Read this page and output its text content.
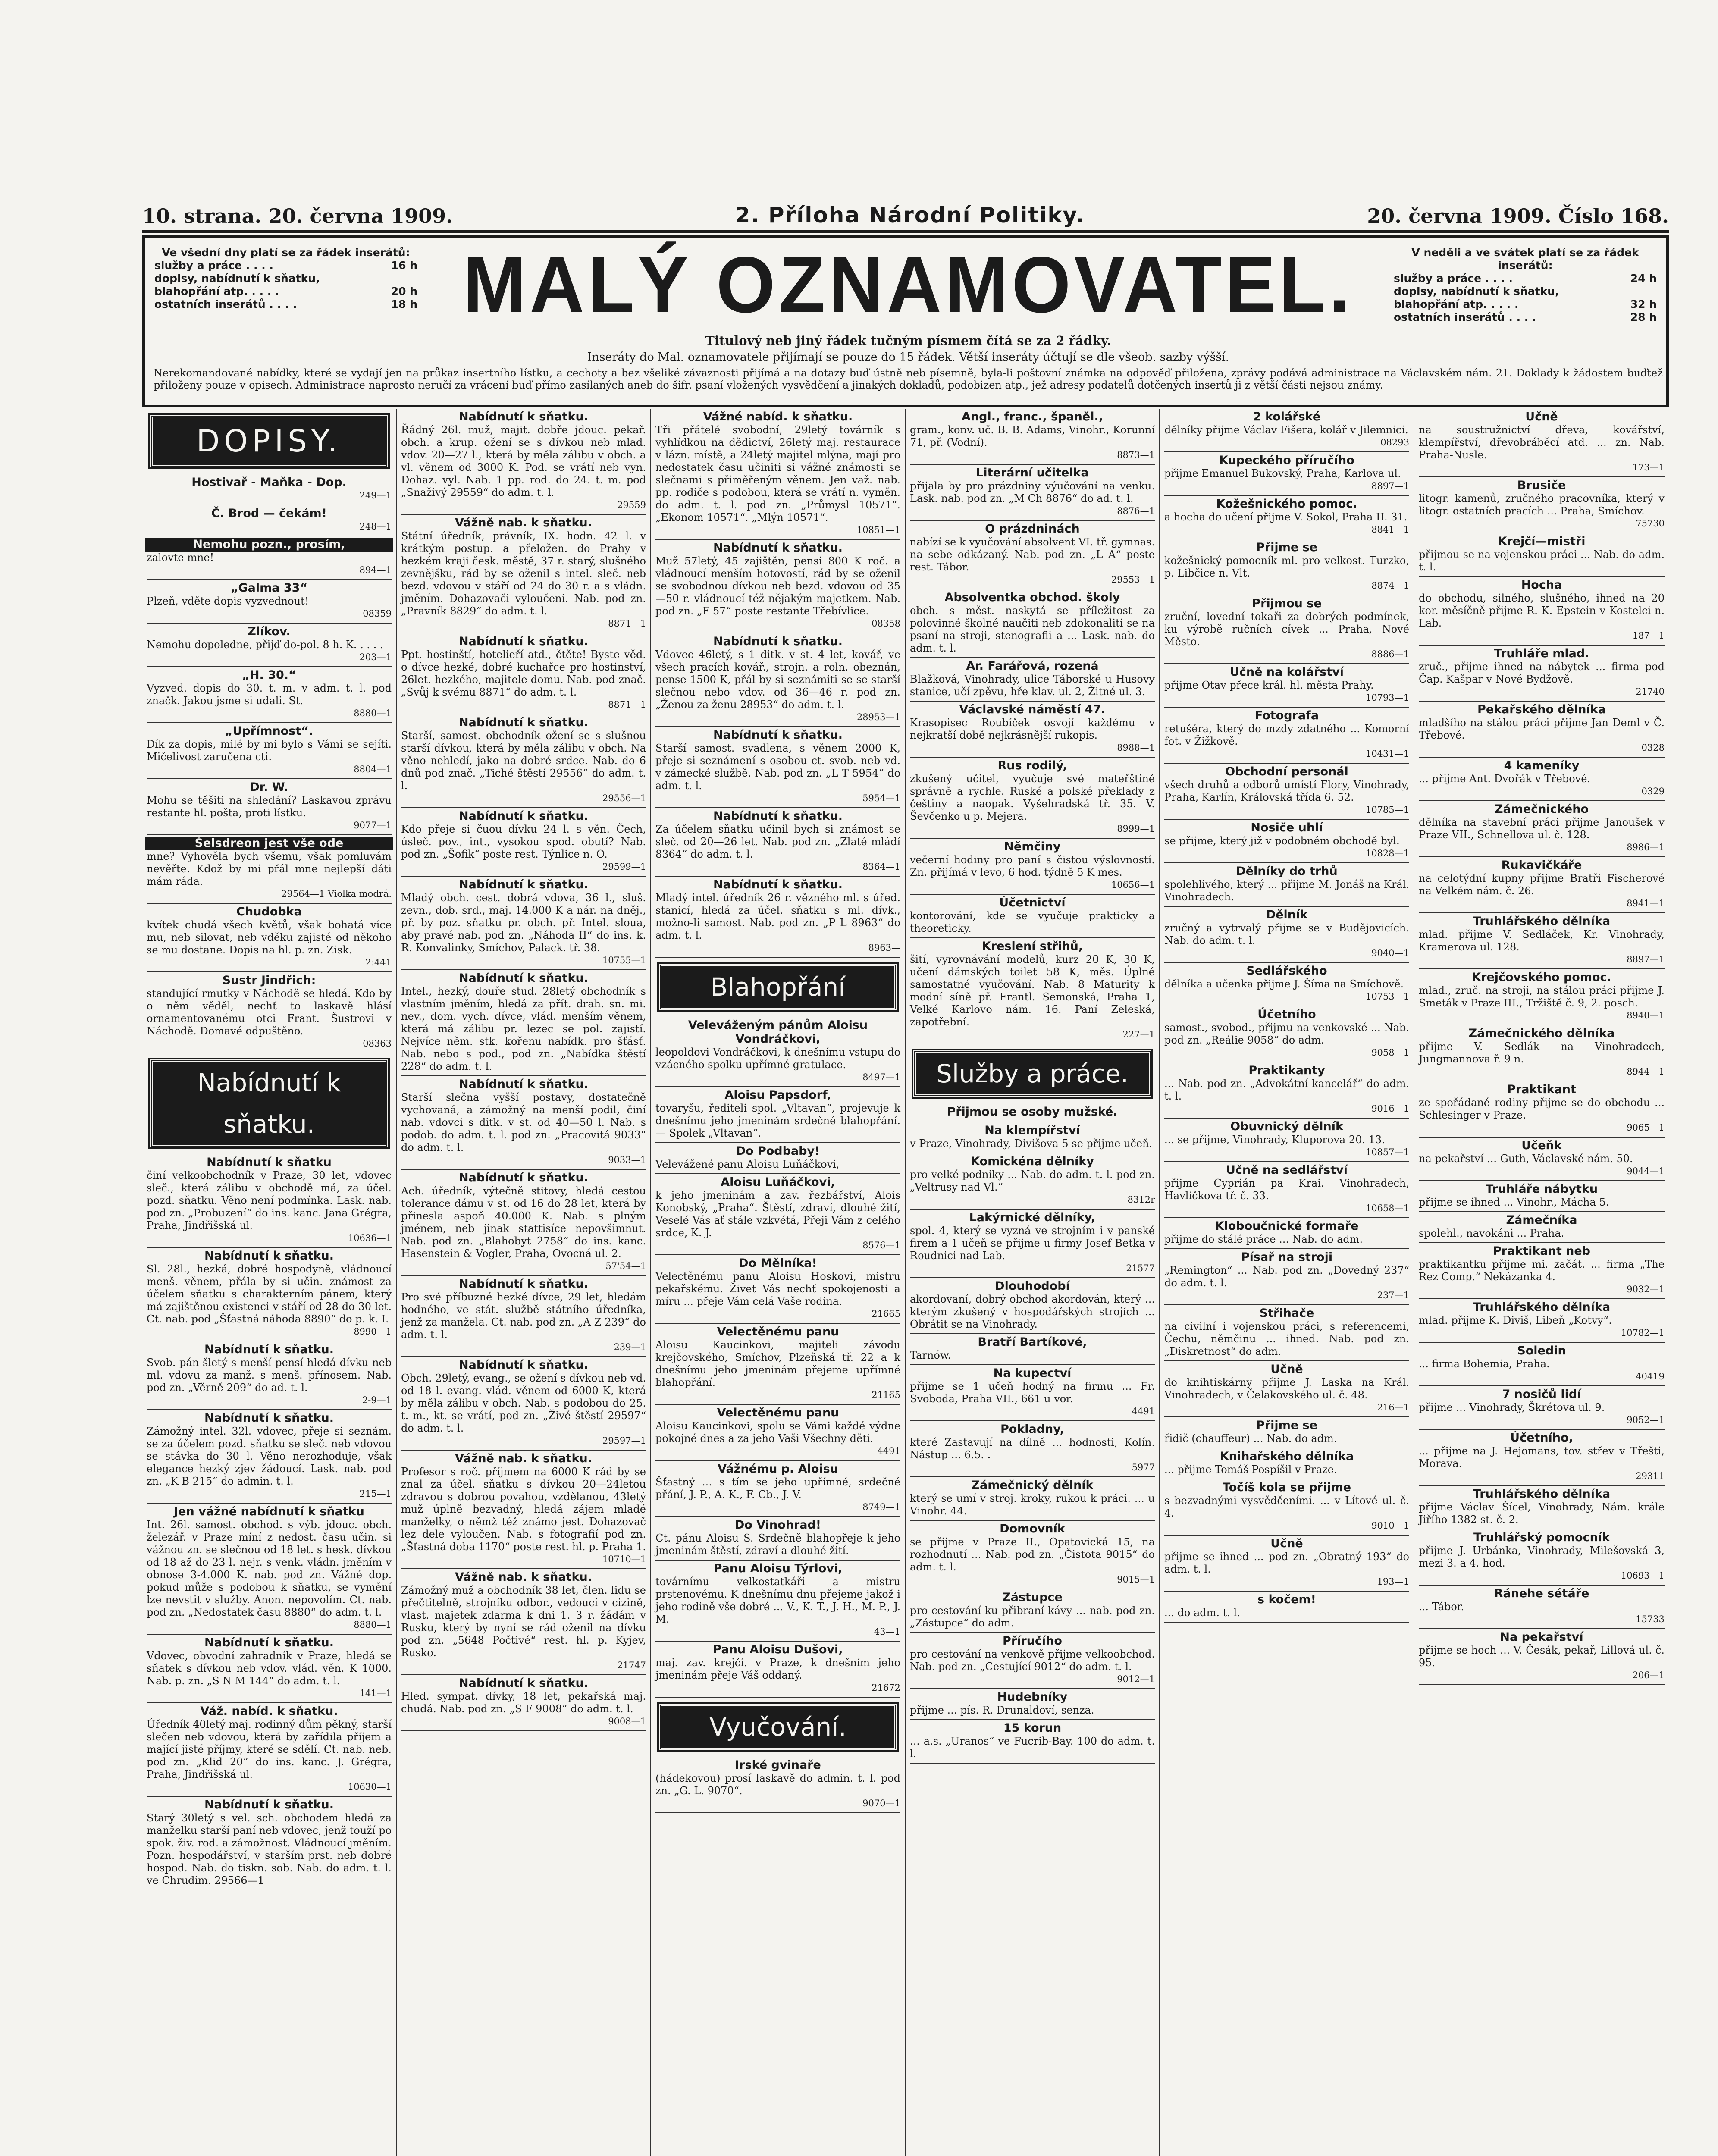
10. strana. 20. června 1909.	2. Příloha Národní Politiky.	20. června 1909. Číslo 168.
Ve všední dny platí se za řádek inserátů:
služby a práce . . . .	16 h
doplsy, nabídnutí k sňatku,
blahopřání atp. . . . .	20 h
ostatních inserátů . . . .	18 h MALÝ OZNAMOVATEL.
Titulový neb jiný řádek tučným písmem čítá se za 2 řádky.
Inseráty do Mal. oznamovatele přijímají se pouze do 15 řádek. Větší inseráty účtují se dle všeob. sazby výšší.
V neděli a ve svátek platí se za řádek inserátů:
služby a práce . . . .	24 h
doplsy, nabídnutí k sňatku,
blahopřání atp. . . . .	32 h
ostatních inserátů . . . .	28 h
Nerekomandované nabídky, které se vydají jen na průkaz insertního lístku, a cechoty a bez všeliké závaznosti přijímá a na dotazy buď ústně neb písemně, byla-li poštovní známka na odpověď přiložena, zprávy podává administrace na Václavském nám. 21. Doklady k žádostem buďtež přiloženy pouze v opisech. Administrace naprosto neručí za vrácení buď přímo zasílaných aneb do šifr. psaní vložených vysvědčení a jinakých dokladů, podobizen atp., jež adresy podatelů dotčených insertů ji z větší části nejsou známy.
DOPISY.
Hostivař - Maňka - Dop.
249—1
Č. Brod — čekám!
248—1
Nemohu pozn., prosím,
zalovte mne!
894—1
„Galma 33“
Plzeň, vděte dopis vyzvednout!
08359
Zlíkov.
Nemohu dopoledne, přijď do-pol. 8 h. K. . . . .
203—1
„H. 30.“
Vyzved. dopis do 30. t. m. v adm. t. l. pod značk. Jakou jsme si udali. St.
8880—1
„Upřímnost“.
Dík za dopis, milé by mi bylo s Vámi se sejíti. Mičelivost zaručena cti.
8804—1
Dr. W.
Mohu se těšiti na shledání? Laskavou zprávu restante hl. pošta, proti lístku.
9077—1
Šelsdreon jest vše ode
mne? Vyhověla bych všemu, však pomluvám nevěřte. Kdož by mi přál mne nejlepší dáti mám ráda.
29564—1 Violka modrá.
Chudobka
kvítek chudá všech květů, však bohatá více mu, neb silovat, neb vděku zajisté od někoho se mu dostane. Dopis na hl. p. zn. Zisk.
2:441
Sustr Jindřich:
standující rmutky v Náchodě se hledá. Kdo by o něm věděl, nechť to laskavě hlásí ornamentovanému otci Frant. Šustrovi v Náchodě. Domavé odpuštěno.
08363
Nabídnutí k sňatku.
Nabídnutí k sňatku
činí velkoobchodník v Praze, 30 let, vdovec sleč., která zálibu v obchodě má, za účel. pozd. sňatku. Věno není podmínka. Lask. nab. pod zn. „Probuzení“ do ins. kanc. Jana Grégra, Praha, Jindřišská ul.
10636—1
Nabídnutí k sňatku.
Sl. 28l., hezká, dobré hospodyně, vládnoucí menš. věnem, přála by si učin. známost za účelem sňatku s charakterním pánem, který má zajištěnou existenci v stáří od 28 do 30 let. Ct. nab. pod „Šťastná náhoda 8890“ do p. k. I.
8990—1
Nabídnutí k sňatku.
Svob. pán šletý s menší pensí hledá dívku neb ml. vdovu za manž. s menš. přínosem. Nab. pod zn. „Věrně 209“ do ad. t. l.
2-9—1
Nabídnutí k sňatku.
Zámožný intel. 32l. vdovec, přeje si seznám. se za účelem pozd. sňatku se sleč. neb vdovou se stávka do 30 l. Věno nerozhoduje, však elegance hezký zjev žádoucí. Lask. nab. pod zn. „K B 215“ do admin. t. l.
215—1
Jen vážné nabídnutí k sňatku
Int. 26l. samost. obchod. s výb. jdouc. obch. železář. v Praze míní z nedost. času učin. si vážnou zn. se slečnou od 18 let. s hesk. dívkou od 18 až do 23 l. nejr. s venk. vládn. jměním v obnose 3-4.000 K. nab. pod zn. Vážné dop. pokud může s podobou k sňatku, se vymění lze nevstit v služby. Anon. nepovolím. Ct. nab. pod zn. „Nedostatek času 8880“ do adm. t. l.
8880—1
Nabídnutí k sňatku.
Vdovec, obvodní zahradník v Praze, hledá se sňatek s dívkou neb vdov. vlád. věn. K 1000. Nab. p. zn. „S N M 144“ do adm. t. l.
141—1
Váž. nabíd. k sňatku.
Úředník 40letý maj. rodinný dům pěkný, starší slečen neb vdovou, která by zařídila příjem a mající jisté příjmy, které se sdělí. Ct. nab. neb. pod zn. „Klid 20“ do ins. kanc. J. Grégra, Praha, Jindřišská ul.
10630—1
Nabídnutí k sňatku.
Starý 30letý s vel. sch. obchodem hledá za manželku starší paní neb vdovec, jenž touží po spok. živ. rod. a zámožnost. Vládnoucí jměním. Pozn. hospodářství, v starším prst. neb dobré hospod. Nab. do tiskn. sob. Nab. do adm. t. l. ve Chrudim. 29566—1
Nabídnutí k sňatku.
Řádný 26l. muž, majit. dobře jdouc. pekař. obch. a krup. ožení se s dívkou neb mlad. vdov. 20—27 l., která by měla zálibu v obch. a vl. věnem od 3000 K. Pod. se vrátí neb vyn. Dohaz. vyl. Nab. 1 pp. rod. do 24. t. m. pod „Snaživý 29559“ do adm. t. l.
29559
Vážně nab. k sňatku.
Státní úředník, právník, IX. hodn. 42 l. v krátkým postup. a přeložen. do Prahy v hezkém kraji česk. městě, 37 r. starý, slušného zevnějšku, rád by se oženil s intel. sleč. neb bezd. vdovou v stáří od 24 do 30 r. a s vládn. jměním. Dohazovači vyloučeni. Nab. pod zn. „Pravník 8829“ do adm. t. l.
8871—1
Nabídnutí k sňatku.
Ppt. hostinští, hotelieří atd., čtěte! Byste věd. o dívce hezké, dobré kuchařce pro hostinství, 26let. hezkého, majitele domu. Nab. pod znač. „Svůj k svému 8871“ do adm. t. l.
8871—1
Nabídnutí k sňatku.
Starší, samost. obchodník ožení se s slušnou starší dívkou, která by měla zálibu v obch. Na věno nehledí, jako na dobré srdce. Nab. do 6 dnů pod znač. „Tiché štěstí 29556“ do adm. t. l.
29556—1
Nabídnutí k sňatku.
Kdo přeje si čuou dívku 24 l. s věn. Čech, úsleč. pov., int., vysokou spod. obutí? Nab. pod zn. „Šofik“ poste rest. Týnlice n. O.
29599—1
Nabídnutí k sňatku.
Mladý obch. cest. dobrá vdova, 36 l., sluš. zevn., dob. srd., maj. 14.000 K a nár. na dněj., př. by poz. sňatku pr. obch. př. Intel. sloua, aby pravé nab. pod zn. „Náhoda II“ do ins. k. R. Konvalinky, Smíchov, Palack. tř. 38.
10755—1
Nabídnutí k sňatku.
Intel., hezký, douře stud. 28letý obchodník s vlastním jměním, hledá za přít. drah. sn. mi. nev., dom. vych. dívce, vlád. menším věnem, která má zálibu pr. lezec se pol. zajistí. Nejvíce něm. stk. kořenu nabídk. pro šťásť. Nab. nebo s pod., pod zn. „Nabídka štěstí 228“ do adm. t. l.
Nabídnutí k sňatku.
Starší slečna vyšší postavy, dostatečně vychovaná, a zámožný na menší podil, činí nab. vdovci s ditk. v st. od 40—50 l. Nab. s podob. do adm. t. l. pod zn. „Pracovitá 9033“ do adm. t. l.
9033—1
Nabídnutí k sňatku.
Ach. úředník, výtečně stitovy, hledá cestou tolerance dámu v st. od 16 do 28 let, která by přinesla aspoň 40.000 K. Nab. s plným jménem, neb jinak stattisíce nepovšimnut. Nab. pod zn. „Blahobyt 2758“ do ins. kanc. Hasenstein & Vogler, Praha, Ovocná ul. 2.
57'54—1
Nabídnutí k sňatku.
Pro své příbuzné hezké dívce, 29 let, hledám hodného, ve stát. službě státního úředníka, jenž za manžela. Ct. nab. pod zn. „A Z 239“ do adm. t. l.
239—1
Nabídnutí k sňatku.
Obch. 29letý, evang., se ožení s dívkou neb vd. od 18 l. evang. vlád. věnem od 6000 K, která by měla zálibu v obch. Nab. s podobou do 25. t. m., kt. se vrátí, pod zn. „Živé štěstí 29597“ do adm. t. l.
29597—1
Vážně nab. k sňatku.
Profesor s roč. příjmem na 6000 K rád by se znal za účel. sňatku s dívkou 20—24letou zdravou s dobrou povahou, vzdělanou, 43letý muž úplně bezvadný, hledá zájem mladé manželky, o němž též známo jest. Dohazovač lez dele vyloučen. Nab. s fotografií pod zn. „Šťastná doba 1170“ poste rest. hl. p. Praha 1.
10710—1
Vážně nab. k sňatku.
Zámožný muž a obchodník 38 let, člen. lidu se přečtitelně, strojníku odbor., vedoucí v cizině, vlast. majetek zdarma k dni 1. 3 r. žádám v Rusku, který by nyní se rád oženil na dívku pod zn. „5648 Počtivé“ rest. hl. p. Kyjev, Rusko.
21747
Nabídnutí k sňatku.
Hled. sympat. dívky, 18 let, pekařská maj. chudá. Nab. pod zn. „S F 9008“ do adm. t. l.
9008—1
Vážné nabíd. k sňatku.
Tři přátelé svobodní, 29letý továrník s vyhlídkou na dědictví, 26letý maj. restaurace v lázn. místě, a 24letý majitel mlýna, mají pro nedostatek času učiniti si vážné známosti se slečnami s přiměřeným věnem. Jen važ. nab. pp. rodiče s podobou, která se vrátí n. vyměn. do adm. t. l. pod zn. „Průmysl 10571“. „Ekonom 10571“. „Mlýn 10571“.
10851—1
Nabídnutí k sňatku.
Muž 57letý, 45 zajištěn, pensi 800 K roč. a vládnoucí menším hotovostí, rád by se oženil se svobodnou dívkou neb bezd. vdovou od 35—50 r. vládnoucí též nějakým majetkem. Nab. pod zn. „F 57“ poste restante Třebívlice.
08358
Nabídnutí k sňatku.
Vdovec 46letý, s 1 ditk. v st. 4 let, kovář, ve všech pracích kovář., strojn. a roln. obeznán, pense 1500 K, přál by si seznámiti se se starší slečnou nebo vdov. od 36—46 r. pod zn. „Ženou za ženu 28953“ do adm. t. l.
28953—1
Nabídnutí k sňatku.
Starší samost. svadlena, s věnem 2000 K, přeje si seznámení s osobou ct. svob. neb vd. v zámecké službě. Nab. pod zn. „L T 5954“ do adm. t. l.
5954—1
Nabídnutí k sňatku.
Za účelem sňatku učinil bych si známost se sleč. od 20—26 let. Nab. pod zn. „Zlaté mládí 8364“ do adm. t. l.
8364—1
Nabídnutí k sňatku.
Mladý intel. úředník 26 r. vězného ml. s úřed. stanicí, hledá za účel. sňatku s ml. dívk., možno-li samost. Nab. pod zn. „P L 8963“ do adm. t. l.
8963—
Blahopřání
Veleváženým pánům Aloisu Vondráčkovi,
leopoldovi Vondráčkovi, k dnešnímu vstupu do vzácného spolku upřímné gratulace.
8497—1
Aloisu Papsdorf,
tovaryšu, řediteli spol. „Vltavan“, projevuje k dnešnímu jeho jmeninám srdečné blahopřání. — Spolek „Vltavan“.
Do Podbaby!
Velevážené panu Aloisu Luňáčkovi,
Aloisu Luňáčkovi,
k jeho jmeninám a zav. řezbářství, Alois Konobský, „Praha“. Štěstí, zdraví, dlouhé žití, Veselé Vás ať stále vzkvétá, Přeji Vám z celého srdce, K. J.
8576—1
Do Mělníka!
Velectěnému panu Aloisu Hoskovi, mistru pekařskému. Živet Vás nechť spokojenosti a míru ... přeje Vám celá Vaše rodina.
21665
Velectěnému panu
Aloisu Kaucinkovi, majiteli závodu krejčovského, Smíchov, Plzeňská tř. 22 a k dnešnímu jeho jmeninám přejeme upřímné blahopřání.
21165
Velectěnému panu
Aloisu Kaucinkovi, spolu se Vámi každé výdne pokojné dnes a za jeho Vaši Všechny děti.
4491
Vážnému p. Aloisu
Šťastný ... s tím se jeho upřímné, srdečné přání, J. P., A. K., F. Cb., J. V.
8749—1
Do Vinohrad!
Ct. pánu Aloisu S. Srdečně blahopřeje k jeho jmeninám štěstí, zdraví a dlouhé žití.
Panu Aloisu Týrlovi,
továrnímu velkostatkáři a mistru prstenovému. K dnešnímu dnu přejeme jakož i jeho rodině vše dobré ... V., K. T., J. H., M. P., J. M.
43—1
Panu Aloisu Dušovi,
maj. zav. krejčí. v Praze, k dnešním jeho jmeninám přeje Váš oddaný.
21672
Vyučování.
Irské gvinaře
(hádekovou) prosí laskavě do admin. t. l. pod zn. „G. L. 9070“.
9070—1
Angl., franc., španěl.,
gram., konv. uč. B. B. Adams, Vinohr., Korunní 71, př. (Vodní).
8873—1
Literární učitelka
přijala by pro prázdniny výučování na venku. Lask. nab. pod zn. „M Ch 8876“ do ad. t. l.
8876—1
O prázdninách
nabízí se k vyučování absolvent VI. tř. gymnas. na sebe odkázaný. Nab. pod zn. „L A“ poste rest. Tábor.
29553—1
Absolventka obchod. školy
obch. s měst. naskytá se příležitost za polovinné školné naučiti neb zdokonaliti se na psaní na stroji, stenografii a ... Lask. nab. do adm. t. l.
Ar. Farářová, rozená
Blažková, Vinohrady, ulice Táborské u Husovy stanice, učí zpěvu, hře klav. ul. 2, Žitné ul. 3.
Václavské náměstí 47.
Krasopisec Roubíček osvojí každému v nejkratší době nejkrásnější rukopis.
8988—1
Rus rodilý,
zkušený učitel, vyučuje své mateřštině správně a rychle. Ruské a polské překlady z češtiny a naopak. Vyšehradská tř. 35. V. Ševčenko u p. Mejera.
8999—1
Němčiny
večerní hodiny pro paní s čistou výslovností. Zn. přijímá v levo, 6 hod. týdně 5 K mes.
10656—1
Účetnictví
kontorování, kde se vyučuje prakticky a theoreticky.
Kreslení střihů,
šití, vyrovnávání modelů, kurz 20 K, 30 K, učení dámských toilet 58 K, měs. Úplné samostatné vyučování. Nab. 8 Maturity k modní síně př. Frantl. Semonská, Praha 1, Velké Karlovo nám. 16. Paní Zeleská, zapotřební.
227—1
Služby a práce.
Přijmou se osoby mužské.
Na klempířství
v Praze, Vinohrady, Divišova 5 se přijme učeň.
Komickéna dělníky
pro velké podniky ... Nab. do adm. t. l. pod zn. „Veltrusy nad Vl.“
8312r
Lakýrnické dělníky,
spol. 4, který se vyzná ve strojním i v panské firem a 1 učeň se přijme u firmy Josef Betka v Roudnici nad Lab.
21577
Dlouhodobí
akordovaní, dobrý obchod akordován, který ... kterým zkušený v hospodářských strojích ... Obrátit se na Vinohrady.
Bratří Bartíkové,
Tarnów.
Na kupectví
přijme se 1 učeň hodný na firmu ... Fr. Svoboda, Praha VII., 661 u vor.
4491
Pokladny,
které Zastavují na dílně ... hodnosti, Kolín. Nástup ... 6.5. .
5977
Zámečnický dělník
který se umí v stroj. kroky, rukou k práci. ... u Vinohr. 44.
Domovník
se přijme v Praze II., Opatovická 15, na rozhodnutí ... Nab. pod zn. „Čistota 9015“ do adm. t. l.
9015—1
Zástupce
pro cestování ku přibraní kávy ... nab. pod zn. „Zástupce“ do adm.
Příručího
pro cestování na venkově přijme velkoobchod. Nab. pod zn. „Cestující 9012“ do adm. t. l.
9012—1
Hudebníky
přijme ... pís. R. Drunaldoví, senza.
15 korun
... a.s. „Uranos“ ve Fucrib-Bay. 100 do adm. t. l.
2 kolářské
dělníky přijme Václav Fišera, kolář v Jilemnici.
08293
Kupeckého příručího
přijme Emanuel Bukovský, Praha, Karlova ul.
8897—1
Kožešnického pomoc.
a hocha do učení přijme V. Sokol, Praha II. 31.
8841—1
Přijme se
kožešnický pomocník ml. pro velkost. Turzko, p. Libčice n. Vlt.
8874—1
Přijmou se
zruční, lovední tokaři za dobrých podmínek, ku výrobě ručních cívek ... Praha, Nové Město.
8886—1
Učně na kolářství
přijme Otav přece král. hl. města Prahy.
10793—1
Fotografa
retušéra, který do mzdy zdatného ... Komorní fot. v Žižkově.
10431—1
Obchodní personál
všech druhů a odborů umístí Flory, Vinohrady, Praha, Karlín, Královská třída 6. 52.
10785—1
Nosiče uhlí
se přijme, který již v podobném obchodě byl.
10828—1
Dělníky do trhů
spolehlivého, který ... přijme M. Jonáš na Král. Vinohradech.
Dělník
zručný a vytrvalý přijme se v Budějovicích. Nab. do adm. t. l.
9040—1
Sedlářského
dělníka a učenka přijme J. Šíma na Smíchově.
10753—1
Účetního
samost., svobod., přijmu na venkovské ... Nab. pod zn. „Reálie 9058“ do adm.
9058—1
Praktikanty
... Nab. pod zn. „Advokátní kancelář“ do adm. t. l.
9016—1
Obuvnický dělník
... se přijme, Vinohrady, Kluporova 20. 13.
10857—1
Učně na sedlářství
přijme Cyprián pa Krai. Vinohradech, Havlíčkova tř. č. 33.
10658—1
Kloboučnické formaře
přijme do stálé práce ... Nab. do adm.
Písař na stroji
„Remington“ ... Nab. pod zn. „Dovedný 237“ do adm. t. l.
237—1
Střihače
na civilní i vojenskou práci, s referencemi, Čechu, němčinu ... ihned. Nab. pod zn. „Diskretnost“ do adm.
Učně
do knihtiskárny přijme J. Laska na Král. Vinohradech, v Čelakovského ul. č. 48.
216—1
Přijme se
řidič (chauffeur) ... Nab. do adm.
Knihařského dělníka
... přijme Tomáš Pospíšil v Praze.
Točíš kola se přijme
s bezvadnými vysvědčeními. ... v Lítové ul. č. 4.
9010—1
Učně
přijme se ihned ... pod zn. „Obratný 193“ do adm. t. l.
193—1
s kočem!
... do adm. t. l.
Učně
na soustružnictví dřeva, kovářství, klempířství, dřevobráběcí atd. ... zn. Nab. Praha-Nusle.
173—1
Brusiče
litogr. kamenů, zručného pracovníka, který v litogr. ostatních pracích ... Praha, Smíchov.
75730
Krejčí—mistři
přijmou se na vojenskou práci ... Nab. do adm. t. l.
Hocha
do obchodu, silného, slušného, ihned na 20 kor. měsíčně přijme R. K. Epstein v Kostelci n. Lab.
187—1
Truhláře mlad.
zruč., přijme ihned na nábytek ... firma pod Čap. Kašpar v Nové Bydžově.
21740
Pekařského dělníka
mladšího na stálou práci přijme Jan Deml v Č. Třebové.
0328
4 kameníky
... přijme Ant. Dvořák v Třebové.
0329
Zámečnického
dělníka na stavební práci přijme Janoušek v Praze VII., Schnellova ul. č. 128.
8986—1
Rukavičkáře
na celotýdní kupny přijme Bratři Fischerové na Velkém nám. č. 26.
8941—1
Truhlářského dělníka
mlad. přijme V. Sedláček, Kr. Vinohrady, Kramerova ul. 128.
8897—1
Krejčovského pomoc.
mlad., zruč. na stroji, na stálou práci přijme J. Smeták v Praze III., Tržiště č. 9, 2. posch.
8940—1
Zámečnického dělníka
přijme V. Sedlák na Vinohradech, Jungmannova ř. 9 n.
8944—1
Praktikant
ze spořádané rodiny přijme se do obchodu ... Schlesinger v Praze.
9065—1
Učeňk
na pekařství ... Guth, Václavské nám. 50.
9044—1
Truhláře nábytku
přijme se ihned ... Vinohr., Mácha 5.
Zámečníka
spolehl., navokáni ... Praha.
Praktikant neb
praktikantku přijme mi. začát. ... firma „The Rez Comp.“ Nekázanka 4.
9032—1
Truhlářského dělníka
mlad. přijme K. Diviš, Libeň „Kotvy“.
10782—1
Soledin
... firma Bohemia, Praha.
40419
7 nosičů lidí
přijme ... Vinohrady, Škrétova ul. 9.
9052—1
Účetního,
... přijme na J. Hejomans, tov. střev v Třešti, Morava.
29311
Truhlářského dělníka
přijme Václav Šícel, Vinohrady, Nám. krále Jiřího 1382 st. č. 2.
Truhlářský pomocník
přijme J. Urbánka, Vinohrady, Milešovská 3, mezi 3. a 4. hod.
10693—1
Ránehe sétáře
... Tábor.
15733
Na pekařství
přijme se hoch ... V. Česák, pekař, Lillová ul. č. 95.
206—1
